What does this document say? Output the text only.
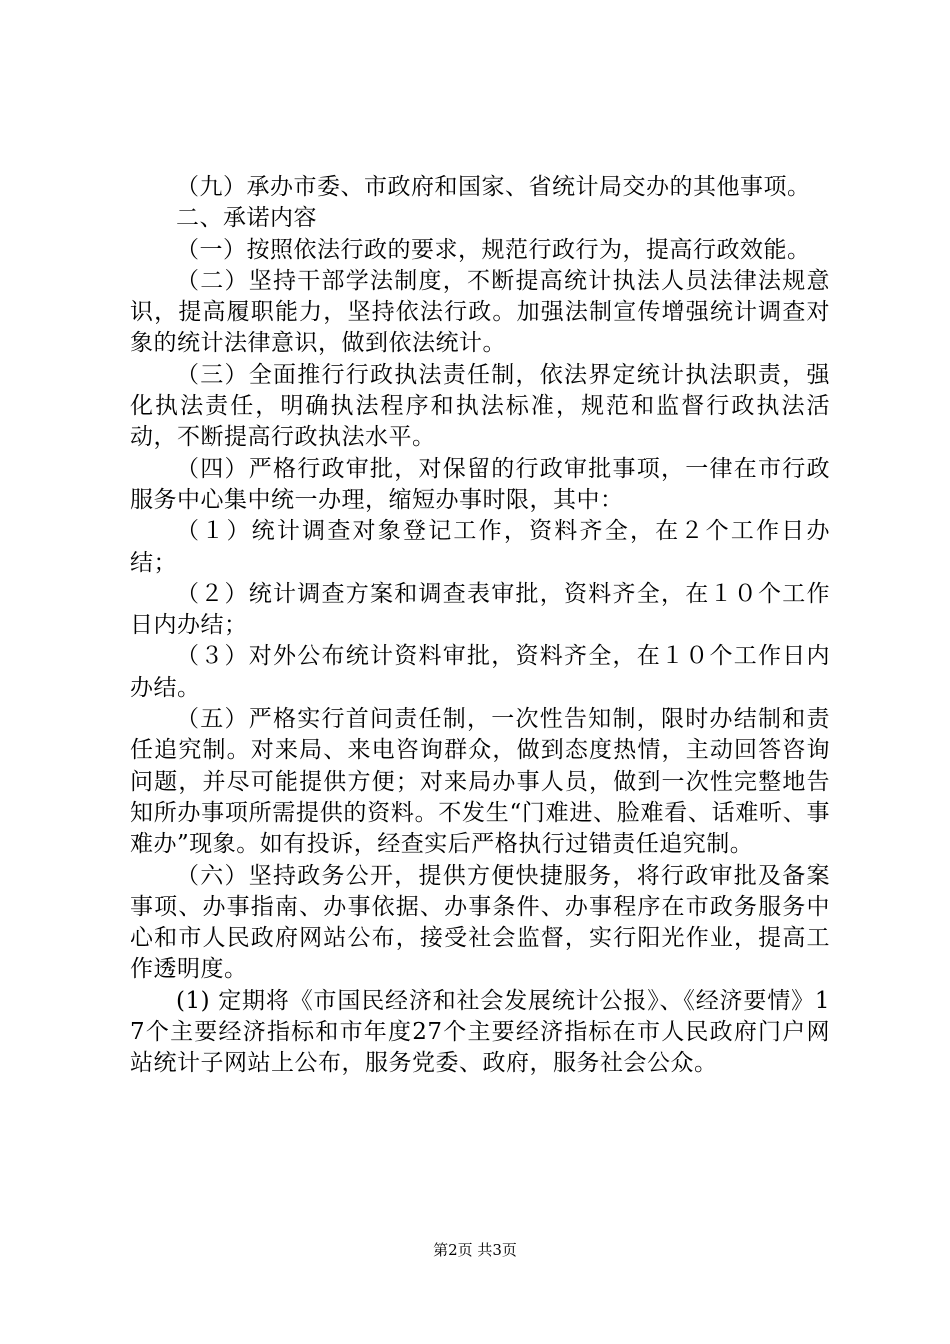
（九）承办市委、市政府和国家、省统计局交办的其他事项。

二、承诺内容

（一）按照依法行政的要求，规范行政行为，提高行政效能。

（二）坚持干部学法制度，不断提高统计执法人员法律法规意识，提高履职能力，坚持依法行政。加强法制宣传增强统计调查对象的统计法律意识，做到依法统计。

（三）全面推行行政执法责任制，依法界定统计执法职责，强化执法责任，明确执法程序和执法标准，规范和监督行政执法活动，不断提高行政执法水平。

（四）严格行政审批，对保留的行政审批事项，一律在市行政服务中心集中统一办理，缩短办事时限，其中：

（１）统计调查对象登记工作，资料齐全，在２个工作日办结；

（２）统计调查方案和调查表审批，资料齐全，在１０个工作日内办结；

（３）对外公布统计资料审批，资料齐全，在１０个工作日内办结。

（五）严格实行首问责任制，一次性告知制，限时办结制和责任追究制。对来局、来电咨询群众，做到态度热情，主动回答咨询问题，并尽可能提供方便；对来局办事人员，做到一次性完整地告知所办事项所需提供的资料。不发生“门难进、脸难看、话难听、事难办”现象。如有投诉，经查实后严格执行过错责任追究制。

（六）坚持政务公开，提供方便快捷服务，将行政审批及备案事项、办事指南、办事依据、办事条件、办事程序在市政务服务中心和市人民政府网站公布，接受社会监督，实行阳光作业，提高工作透明度。

(1) 定期将《市国民经济和社会发展统计公报》、《经济要情》17个主要经济指标和市年度27个主要经济指标在市人民政府门户网站统计子网站上公布，服务党委、政府，服务社会公众。

第2页 共3页
